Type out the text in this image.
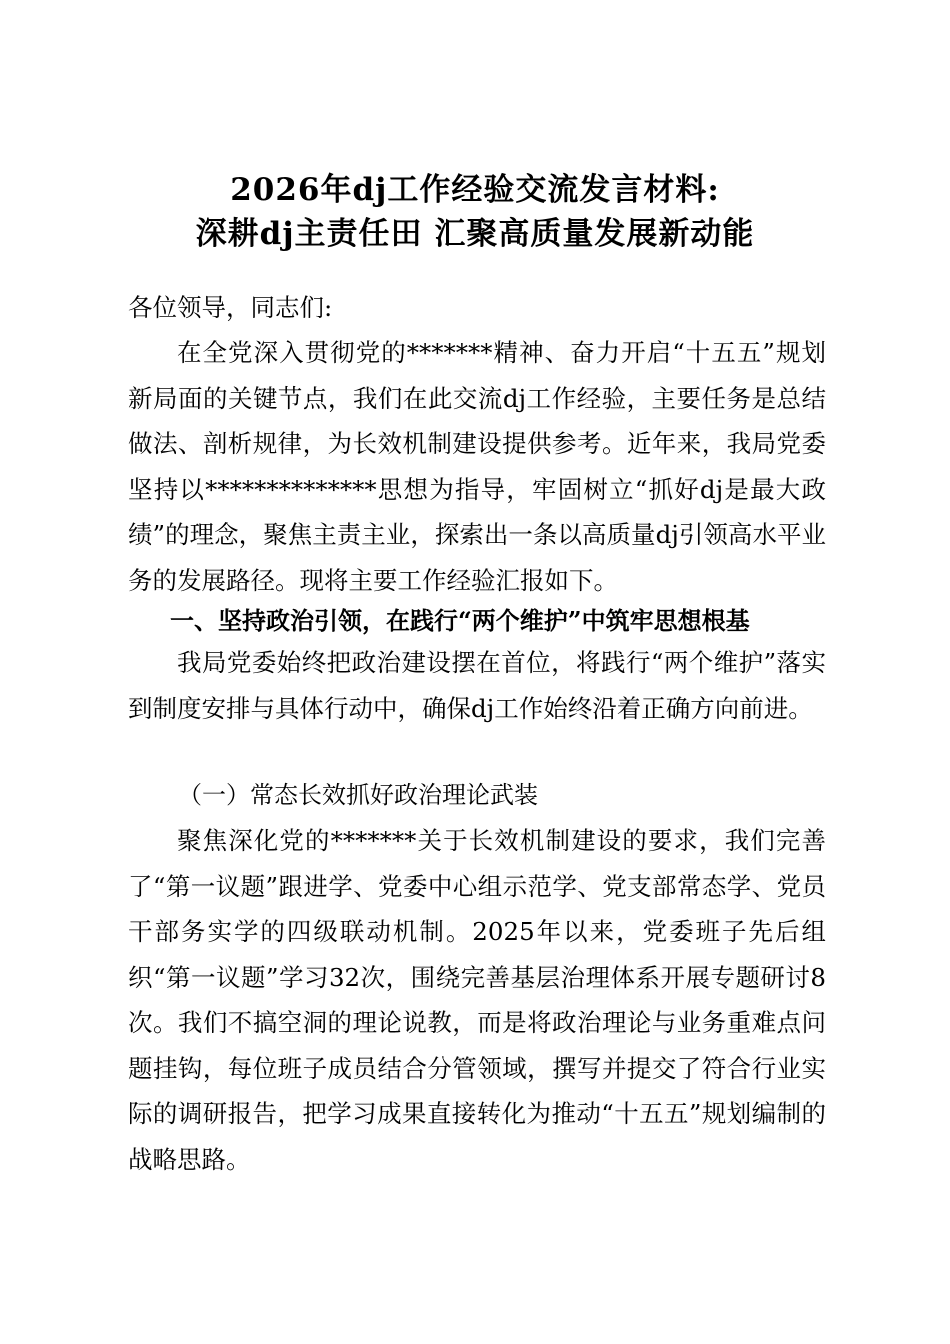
2026年dj工作经验交流发言材料:
深耕dj主责任田 汇聚高质量发展新动能
各位领导，同志们:
在全党深入贯彻党的*******精神、奋力开启“十五五”规划新局面的关键节点，我们在此交流dj工作经验，主要任务是总结做法、剖析规律，为长效机制建设提供参考。近年来，我局党委坚持以**************思想为指导，牢固树立“抓好dj是最大政绩”的理念，聚焦主责主业，探索出一条以高质量dj引领高水平业务的发展路径。现将主要工作经验汇报如下。
一、坚持政治引领，在践行“两个维护”中筑牢思想根基
我局党委始终把政治建设摆在首位，将践行“两个维护”落实到制度安排与具体行动中，确保dj工作始终沿着正确方向前进。
（一）常态长效抓好政治理论武装
聚焦深化党的*******关于长效机制建设的要求，我们完善了“第一议题”跟进学、党委中心组示范学、党支部常态学、党员干部务实学的四级联动机制。2025年以来，党委班子先后组织“第一议题”学习32次，围绕完善基层治理体系开展专题研讨8次。我们不搞空洞的理论说教，而是将政治理论与业务重难点问题挂钩，每位班子成员结合分管领域，撰写并提交了符合行业实际的调研报告，把学习成果直接转化为推动“十五五”规划编制的战略思路。
